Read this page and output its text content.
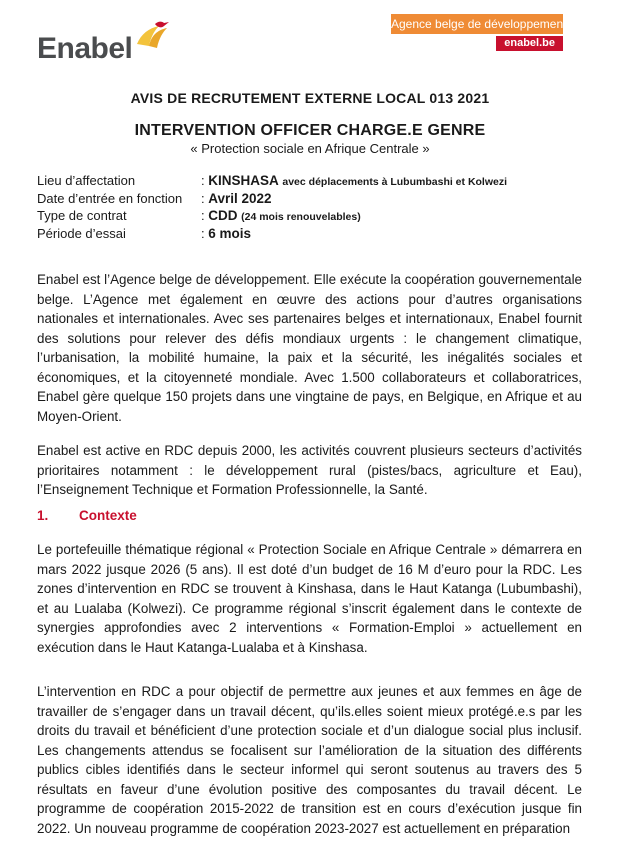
Enabel
Agence belge de développement
enabel.be
AVIS DE RECRUTEMENT EXTERNE LOCAL 013 2021
INTERVENTION OFFICER CHARGE.E GENRE
« Protection sociale en Afrique Centrale »
Lieu d’affectation	: KINSHASA avec déplacements à Lubumbashi et Kolwezi
Date d’entrée en fonction : Avril 2022
Type de contrat	: CDD (24 mois renouvelables)
Période d’essai	: 6 mois

Enabel est l’Agence belge de développement. Elle exécute la coopération gouvernementale belge. L’Agence met également en œuvre des actions pour d’autres organisations nationales et internationales. Avec ses partenaires belges et internationaux, Enabel fournit des solutions pour relever des défis mondiaux urgents : le changement climatique, l’urbanisation, la mobilité humaine, la paix et la sécurité, les inégalités sociales et économiques, et la citoyenneté mondiale. Avec 1.500 collaborateurs et collaboratrices, Enabel gère quelque 150 projets dans une vingtaine de pays, en Belgique, en Afrique et au Moyen-Orient.

Enabel est active en RDC depuis 2000, les activités couvrent plusieurs secteurs d’activités prioritaires notamment : le développement rural (pistes/bacs, agriculture et Eau), l’Enseignement Technique et Formation Professionnelle, la Santé.

1. Contexte

Le portefeuille thématique régional « Protection Sociale en Afrique Centrale » démarrera en mars 2022 jusque 2026 (5 ans). Il est doté d’un budget de 16 M d’euro pour la RDC. Les zones d’intervention en RDC se trouvent à Kinshasa, dans le Haut Katanga (Lubumbashi), et au Lualaba (Kolwezi). Ce programme régional s’inscrit également dans le contexte de synergies approfondies avec 2 interventions « Formation-Emploi » actuellement en exécution dans le Haut Katanga-Lualaba et à Kinshasa.

L’intervention en RDC a pour objectif de permettre aux jeunes et aux femmes en âge de travailler de s’engager dans un travail décent, qu’ils.elles soient mieux protégé.e.s par les droits du travail et bénéficient d’une protection sociale et d’un dialogue social plus inclusif. Les changements attendus se focalisent sur l’amélioration de la situation des différents publics cibles identifiés dans le secteur informel qui seront soutenus au travers des 5 résultats en faveur d’une évolution positive des composantes du travail décent. Le programme de coopération 2015-2022 de transition est en cours d’exécution jusque fin 2022. Un nouveau programme de coopération 2023-2027 est actuellement en préparation
